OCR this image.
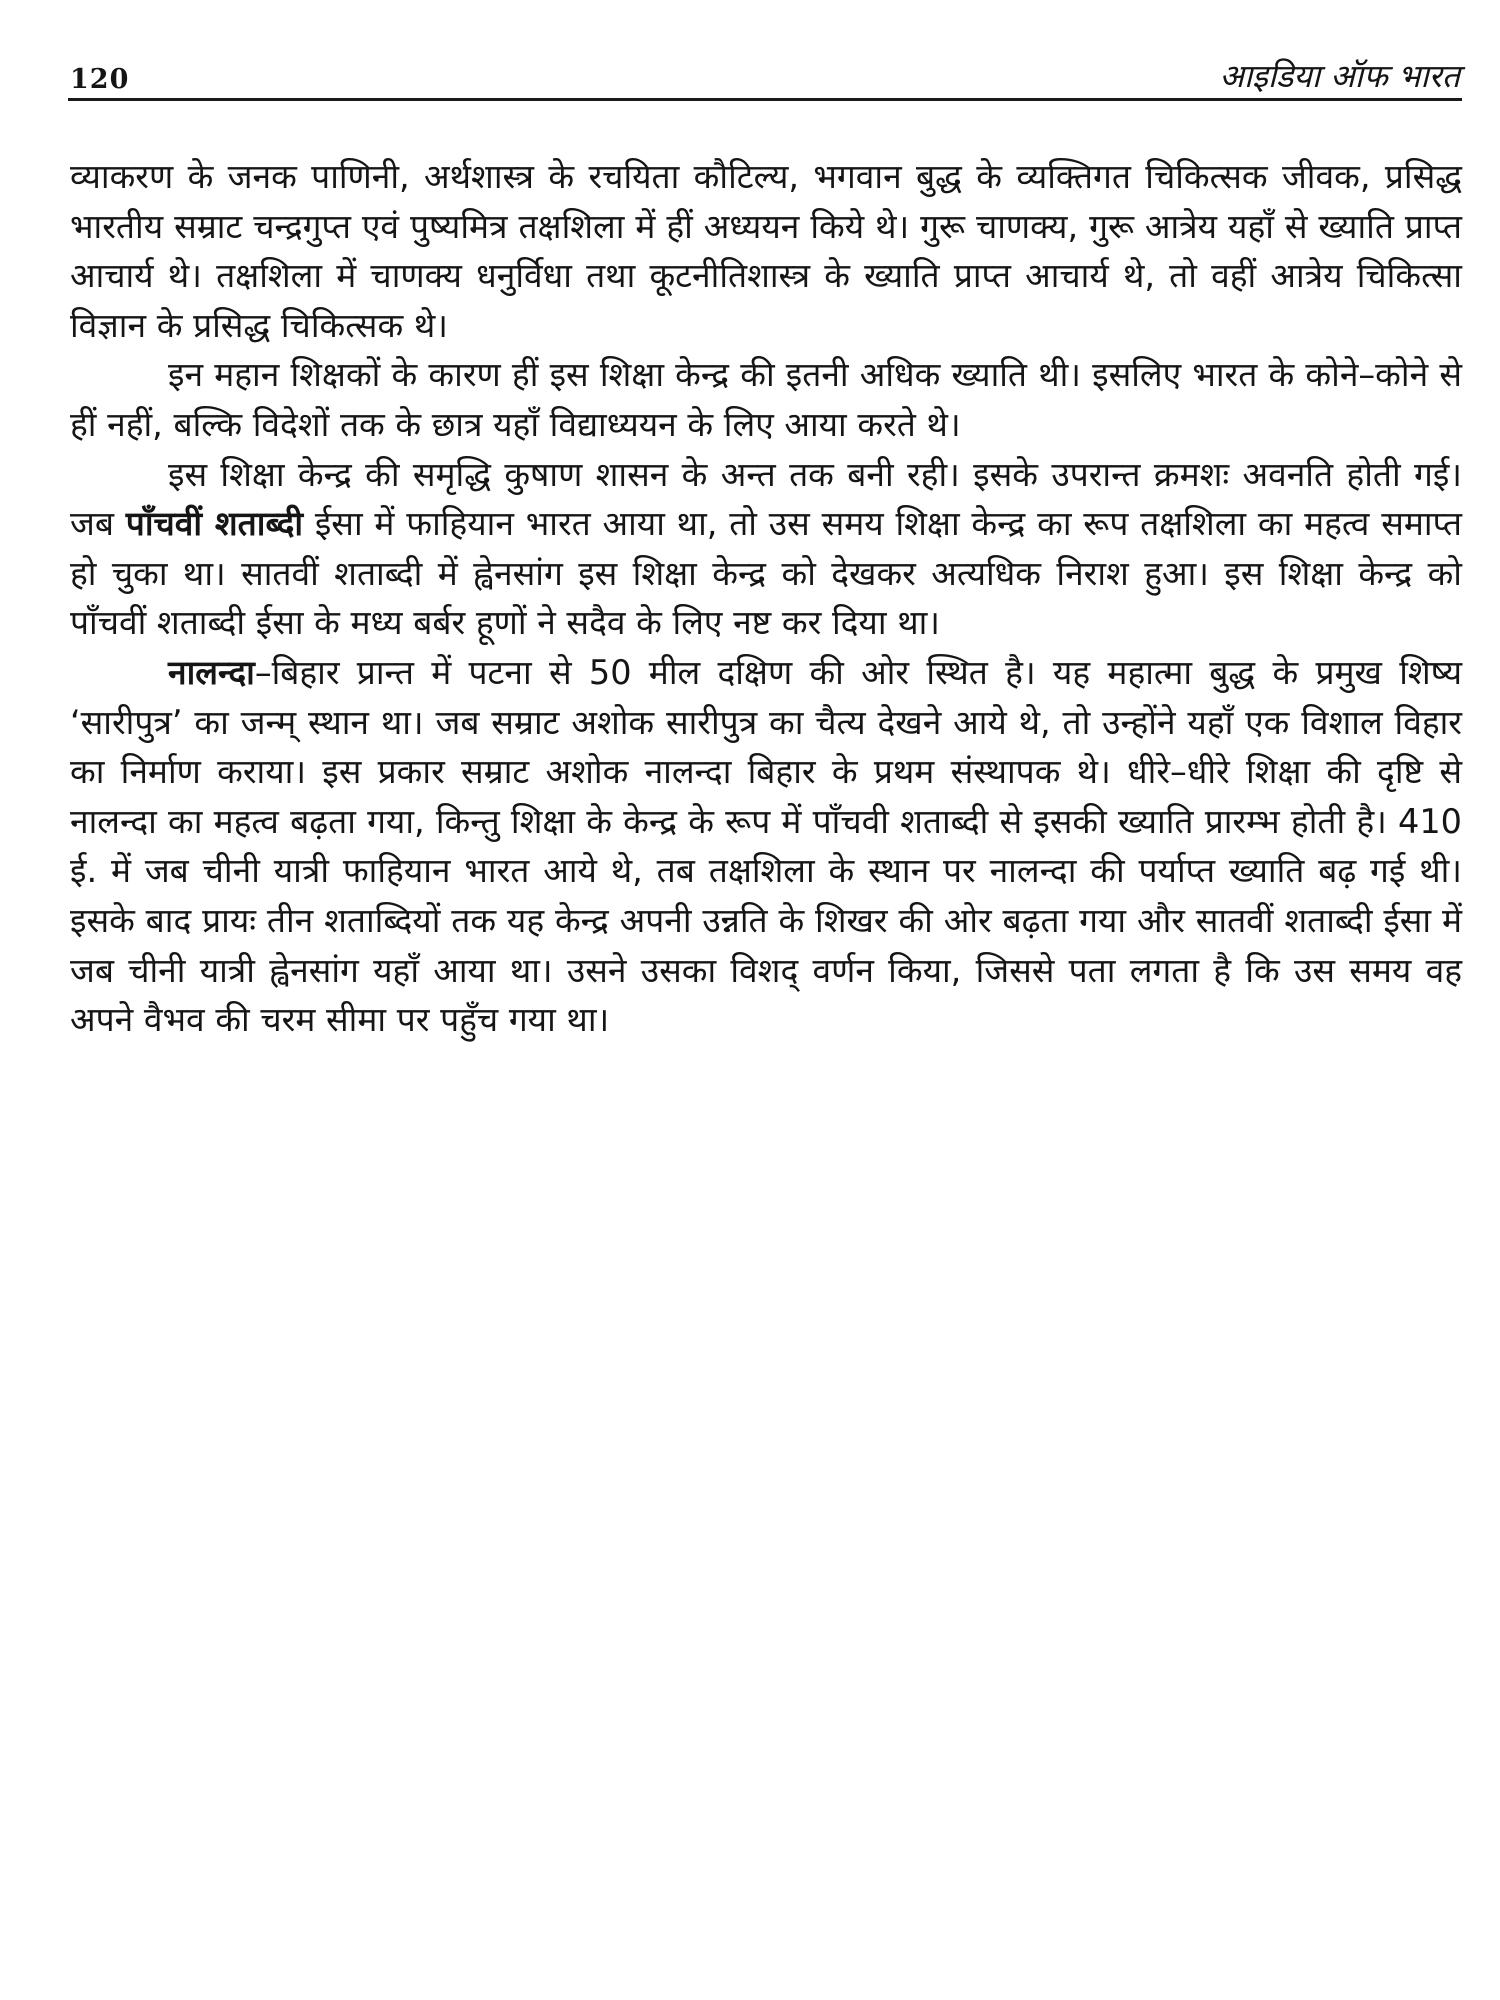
120	आइडिया ऑफ भारत

व्याकरण के जनक पाणिनी, अर्थशास्त्र के रचयिता कौटिल्य, भगवान बुद्ध के व्यक्तिगत चिकित्सक जीवक, प्रसिद्ध भारतीय सम्राट चन्द्रगुप्त एवं पुष्यमित्र तक्षशिला में हीं अध्ययन किये थे। गुरू चाणक्य, गुरू आत्रेय यहाँ से ख्याति प्राप्त आचार्य थे। तक्षशिला में चाणक्य धनुर्विधा तथा कूटनीतिशास्त्र के ख्याति प्राप्त आचार्य थे, तो वहीं आत्रेय चिकित्सा विज्ञान के प्रसिद्ध चिकित्सक थे।

इन महान शिक्षकों के कारण हीं इस शिक्षा केन्द्र की इतनी अधिक ख्याति थी। इसलिए भारत के कोने–कोने से हीं नहीं, बल्कि विदेशों तक के छात्र यहाँ विद्याध्ययन के लिए आया करते थे।

इस शिक्षा केन्द्र की समृद्धि कुषाण शासन के अन्त तक बनी रही। इसके उपरान्त क्रमशः अवनति होती गई। जब पाँचवीं शताब्दी ईसा में फाहियान भारत आया था, तो उस समय शिक्षा केन्द्र का रूप तक्षशिला का महत्व समाप्त हो चुका था। सातवीं शताब्दी में ह्वेनसांग इस शिक्षा केन्द्र को देखकर अत्यधिक निराश हुआ। इस शिक्षा केन्द्र को पाँचवीं शताब्दी ईसा के मध्य बर्बर हूणों ने सदैव के लिए नष्ट कर दिया था।

नालन्दा–बिहार प्रान्त में पटना से 50 मील दक्षिण की ओर स्थित है। यह महात्मा बुद्ध के प्रमुख शिष्य ‘सारीपुत्र’ का जन्म् स्थान था। जब सम्राट अशोक सारीपुत्र का चैत्य देखने आये थे, तो उन्होंने यहाँ एक विशाल विहार का निर्माण कराया। इस प्रकार सम्राट अशोक नालन्दा बिहार के प्रथम संस्थापक थे। धीरे–धीरे शिक्षा की दृष्टि से नालन्दा का महत्व बढ़ता गया, किन्तु शिक्षा के केन्द्र के रूप में पाँचवी शताब्दी से इसकी ख्याति प्रारम्भ होती है। 410 ई. में जब चीनी यात्री फाहियान भारत आये थे, तब तक्षशिला के स्थान पर नालन्दा की पर्याप्त ख्याति बढ़ गई थी। इसके बाद प्रायः तीन शताब्दियों तक यह केन्द्र अपनी उन्नति के शिखर की ओर बढ़ता गया और सातवीं शताब्दी ईसा में जब चीनी यात्री ह्वेनसांग यहाँ आया था। उसने उसका विशद् वर्णन किया, जिससे पता लगता है कि उस समय वह अपने वैभव की चरम सीमा पर पहुँच गया था।
